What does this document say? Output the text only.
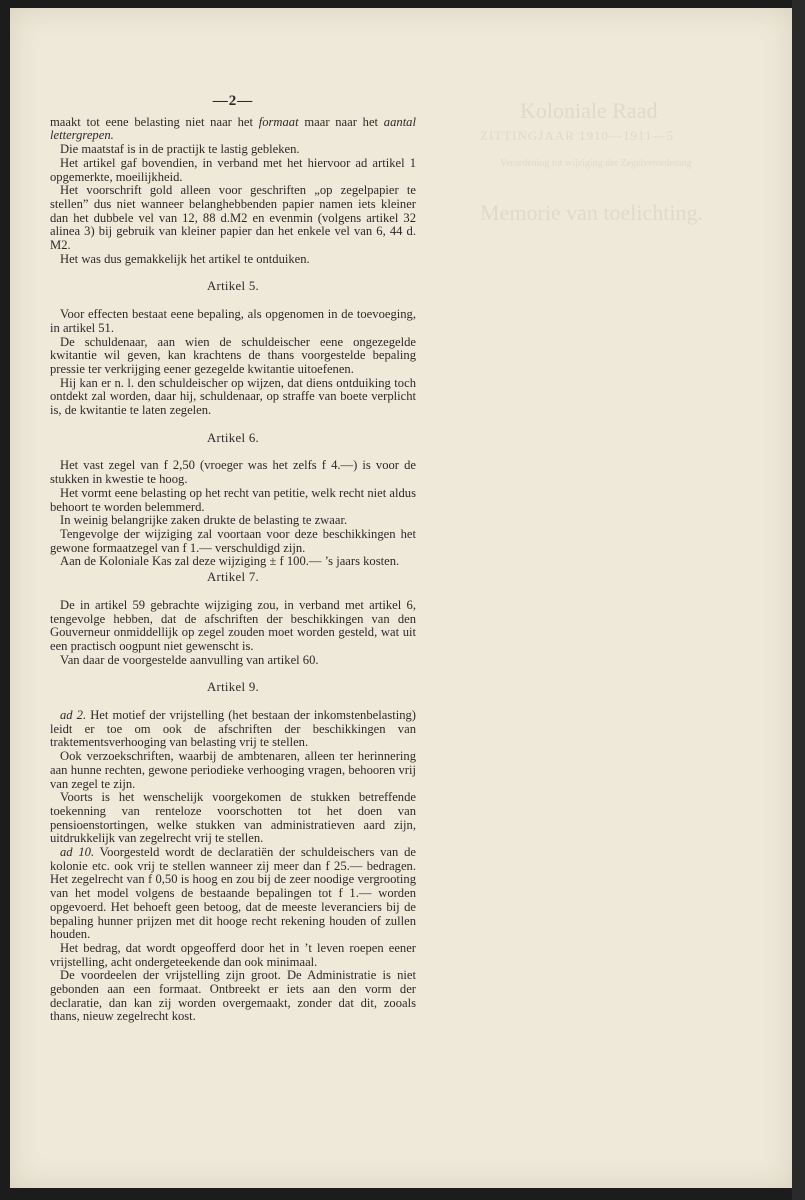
Koloniale Raad
ZITTINGJAAR 1910—1911—5
Verordening tot wijziging der Zegelverordening
Memorie van toelichting.
—2—

maakt tot eene belasting niet naar het formaat maar naar het aantal lettergrepen.

Die maatstaf is in de practijk te lastig gebleken.

Het artikel gaf bovendien, in verband met het hiervoor ad artikel 1 opgemerkte, moeilijkheid.

Het voorschrift gold alleen voor geschriften „op zegelpapier te stellen” dus niet wanneer belanghebbenden papier namen iets kleiner dan het dubbele vel van 12, 88 d.M2 en evenmin (volgens artikel 32 alinea 3) bij gebruik van kleiner papier dan het enkele vel van 6, 44 d. M2.

Het was dus gemakkelijk het artikel te ontduiken.

Artikel 5.

Voor effecten bestaat eene bepaling, als opgenomen in de toevoeging, in artikel 51.

De schuldenaar, aan wien de schuldeischer eene ongezegelde kwitantie wil geven, kan krachtens de thans voorgestelde bepaling pressie ter verkrijging eener gezegelde kwitantie uitoefenen.

Hij kan er n. l. den schuldeischer op wijzen, dat diens ontduiking toch ontdekt zal worden, daar hij, schuldenaar, op straffe van boete verplicht is, de kwitantie te laten zegelen.

Artikel 6.

Het vast zegel van f 2,50 (vroeger was het zelfs f 4.—) is voor de stukken in kwestie te hoog.

Het vormt eene belasting op het recht van petitie, welk recht niet aldus behoort te worden belemmerd.

In weinig belangrijke zaken drukte de belasting te zwaar.

Tengevolge der wijziging zal voortaan voor deze beschikkingen het gewone formaatzegel van f 1.— verschuldigd zijn.

Aan de Koloniale Kas zal deze wijziging ± f 100.— ’s jaars kosten.

Artikel 7.

De in artikel 59 gebrachte wijziging zou, in verband met artikel 6, tengevolge hebben, dat de afschriften der beschikkingen van den Gouverneur onmiddellijk op zegel zouden moet worden gesteld, wat uit een practisch oogpunt niet gewenscht is.

Van daar de voorgestelde aanvulling van artikel 60.

Artikel 9.

ad 2. Het motief der vrijstelling (het bestaan der inkomstenbelasting) leidt er toe om ook de afschriften der beschikkingen van traktementsverhooging van belasting vrij te stellen.

Ook verzoekschriften, waarbij de ambtenaren, alleen ter herinnering aan hunne rechten, gewone periodieke verhooging vragen, behooren vrij van zegel te zijn.

Voorts is het wenschelijk voorgekomen de stukken betreffende toekenning van renteloze voorschotten tot het doen van pensioenstortingen, welke stukken van administratieven aard zijn, uitdrukkelijk van zegelrecht vrij te stellen.

ad 10. Voorgesteld wordt de declaratiën der schuldeischers van de kolonie etc. ook vrij te stellen wanneer zij meer dan f 25.— bedragen. Het zegelrecht van f 0,50 is hoog en zou bij de zeer noodige vergrooting van het model volgens de bestaande bepalingen tot f 1.— worden opgevoerd. Het behoeft geen betoog, dat de meeste leveranciers bij de bepaling hunner prijzen met dit hooge recht rekening houden of zullen houden.

Het bedrag, dat wordt opgeofferd door het in ’t leven roepen eener vrijstelling, acht ondergeteekende dan ook minimaal.

De voordeelen der vrijstelling zijn groot. De Administratie is niet gebonden aan een formaat. Ontbreekt er iets aan den vorm der declaratie, dan kan zij worden overgemaakt, zonder dat dit, zooals thans, nieuw zegelrecht kost.
